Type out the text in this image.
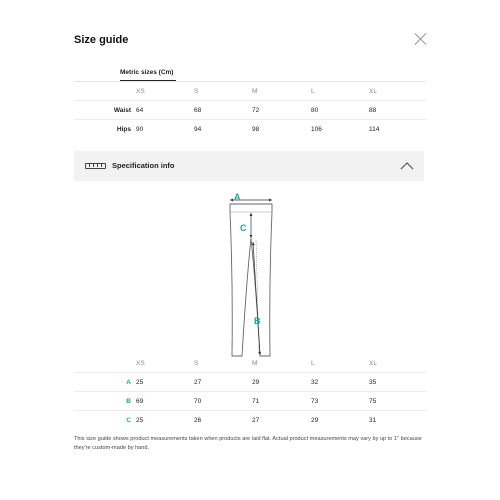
Size guide
Metric sizes (Cm)
XS	S	M	L	XL
Waist 64	68	72	80	88
Hips 90	94	98	106	114
Specification info
A
B
C
XS	S	M	L	XL
A 25	27	29	32	35
B 69	70	71	73	75
C 25	26	27	29	31
This size guide shows product measurements taken when products are laid flat. Actual product measurements may vary by up to 1" because they're custom-made by hand.
